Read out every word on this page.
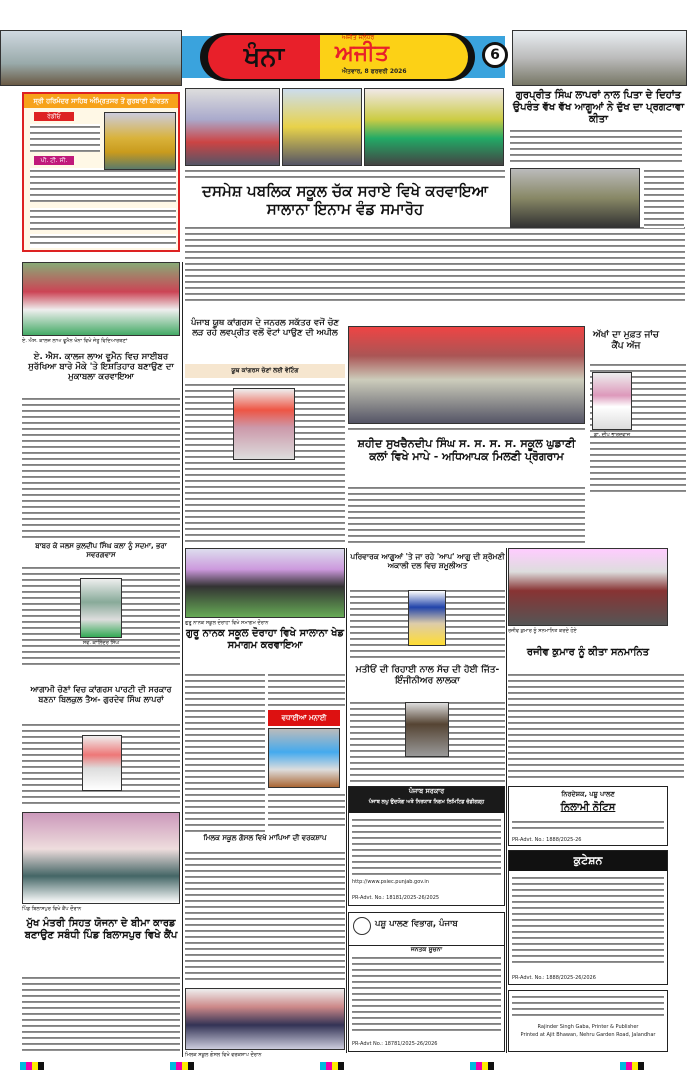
ਖੰਨਾ
ਅਜੀਤ ਜਲੰਧਰ
ਅਜੀਤ
ਐਤਵਾਰ, 8 ਫਰਵਰੀ 2026
6
ਸ੍ਰੀ ਹਰਿਮੰਦਰ ਸਾਹਿਬ ਅੰਮ੍ਰਿਤਸਰ ਤੋਂ ਗੁਰਬਾਣੀ ਕੀਰਤਨ
ਰੇਡੀਓ
ਪੀ. ਟੀ. ਸੀ.
ਦਸਮੇਸ਼ ਪਬਲਿਕ ਸਕੂਲ ਚੱਕ ਸਰਾਏ ਵਿਖੇ ਕਰਵਾਇਆ ਸਾਲਾਨਾ ਇਨਾਮ ਵੰਡ ਸਮਾਰੋਹ
ਗੁਰਪ੍ਰੀਤ ਸਿੰਘ ਲਾਪਰਾਂ ਨਾਲ ਪਿਤਾ ਦੇ ਦਿਹਾਂਤ ਉਪਰੰਤ ਵੱਖ ਵੱਖ ਆਗੂਆਂ ਨੇ ਦੁੱਖ ਦਾ ਪ੍ਰਗਟਾਵਾ ਕੀਤਾ
ਏ. ਐਸ. ਕਾਲਜ ਲਾਅ ਵੂਮੈਨ ਖੰਨਾ ਵਿਖੇ ਜੇਤੂ ਵਿਦਿਆਰਥਣਾਂ
ਏ. ਐਸ. ਕਾਲਜ ਲਾਅ ਵੂਮੈਨ ਵਿਚ ਸਾਈਬਰ ਸੁਰੱਖਿਆ ਬਾਰੇ ਮੌਕੇ 'ਤੇ ਇਸ਼ਤਿਹਾਰ ਬਣਾਉਣ ਦਾ ਮੁਕਾਬਲਾ ਕਰਵਾਇਆ
ਬਾਬਰ ਕੇ ਜਲਸ ਕੁਲਦੀਪ ਸਿੰਘ ਕਲਾ ਨੂੰ ਸਦਮਾ, ਭਰਾ ਸਵਰਗਵਾਸ
ਸਵ. ਕਾਲਿੰਦਰ ਸਿੰਘ
ਆਗਾਮੀ ਚੋਣਾਂ ਵਿਚ ਕਾਂਗਰਸ ਪਾਰਟੀ ਦੀ ਸਰਕਾਰ ਬਣਨਾ ਬਿਲਕੁਲ ਤੈਅ- ਗੁਰਦੇਵ ਸਿੰਘ ਲਾਪਰਾਂ
ਪਿੰਡ ਬਿਲਾਸਪੁਰ ਵਿਖੇ ਕੈਂਪ ਦੌਰਾਨ
ਮੁੱਖ ਮੰਤਰੀ ਸਿਹਤ ਯੋਜਨਾ ਦੇ ਬੀਮਾ ਕਾਰਡ ਬਣਾਉਣ ਸਬੰਧੀ ਪਿੰਡ ਬਿਲਾਸਪੁਰ ਵਿਖੇ ਕੈਂਪ
ਪੰਜਾਬ ਯੂਥ ਕਾਂਗਰਸ ਦੇ ਜਨਰਲ ਸਕੱਤਰ ਵਜੋਂ ਚੋਣ ਲੜ ਰਹੇ ਲਵਪ੍ਰੀਤ ਵਲੋਂ ਵੋਟਾਂ ਪਾਉਣ ਦੀ ਅਪੀਲ
ਯੂਥ ਕਾਂਗਰਸ ਚੋਣਾਂ ਲਈ ਵੋਟਿੰਗ
ਸ਼ਹੀਦ ਸੁਖਚੈਨਦੀਪ ਸਿੰਘ ਸ. ਸ. ਸ. ਸ. ਸਕੂਲ ਘੁਡਾਣੀ ਕਲਾਂ ਵਿਖੇ ਮਾਪੇ - ਅਧਿਆਪਕ ਮਿਲਣੀ ਪ੍ਰੋਗਰਾਮ
ਅੱਖਾਂ ਦਾ ਮੁਫ਼ਤ ਜਾਂਚ ਕੈਂਪ ਅੱਜ
ਡਾ. ਦੀਪ ਭਾਰਦਵਾਜ
ਗੁਰੂ ਨਾਨਕ ਸਕੂਲ ਦੋਰਾਹਾ ਵਿਖੇ ਸਮਾਗਮ ਦੌਰਾਨ
ਗੁਰੂ ਨਾਨਕ ਸਕੂਲ ਦੋਰਾਹਾ ਵਿਖੇ ਸਾਲਾਨਾ ਖੇਡ ਸਮਾਗਮ ਕਰਵਾਇਆ
ਵਧਾਈਆਂ ਮਨਾਈ
ਪਰਿਵਾਰਕ ਆਗੂਆਂ 'ਤੇ ਜਾ ਰਹੇ 'ਆਪ' ਆਗੂ ਦੀ ਸ਼੍ਰੋਮਣੀ ਅਕਾਲੀ ਦਲ ਵਿਚ ਸ਼ਮੂਲੀਅਤ
ਰਜੀਵ ਕੁਮਾਰ ਨੂੰ ਸਨਮਾਨਿਤ ਕਰਦੇ ਹੋਏ
ਰਜੀਵ ਕੁਮਾਰ ਨੂੰ ਕੀਤਾ ਸਨਮਾਨਿਤ
ਮਤੀਓਂ ਦੀ ਰਿਹਾਈ ਨਾਲ ਸੱਚ ਦੀ ਹੋਈ ਜਿੱਤ-ਇੰਜੀਨੀਅਰ ਲਾਲਕਾ
ਪੰਜਾਬ ਸਰਕਾਰ
ਪੰਜਾਬ ਲਘੂ ਉਦਯੋਗ ਅਤੇ ਨਿਰਯਾਤ ਨਿਗਮ ਲਿਮਿਟਿਡ ਚੰਡੀਗੜ੍ਹ
http://www.psiec.punjab.gov.in
PR-Advt. No.: 18181/2025-26/2025
ਪਸ਼ੂ ਪਾਲਣ ਵਿਭਾਗ, ਪੰਜਾਬ
ਜਨਤਕ ਸੂਚਨਾ
PR-Advt No.: 18781/2025-26/2026
ਮਿਲਕ ਸਕੂਲ ਗੋਸਲ ਵਿਖੇ ਮਾਪਿਆਂ ਦੀ ਵਰਕਸ਼ਾਪ
ਮਿਲਕ ਸਕੂਲ ਗੋਸਲ ਵਿਖੇ ਵਰਕਸ਼ਾਪ ਦੌਰਾਨ
ਨਿਰਦੇਸ਼ਕ, ਪਸ਼ੂ ਪਾਲਣ
ਨਿਲਾਮੀ ਨੋਟਿਸ
PR-Advt. No.: 1888/2025-26
ਕੁਟੇਸ਼ਨ
PR-Advt. No.: 1888/2025-26/2026
Rajinder Singh Gaba, Printer & Publisher
Printed at Ajit Bhawan, Nehru Garden Road, Jalandhar
